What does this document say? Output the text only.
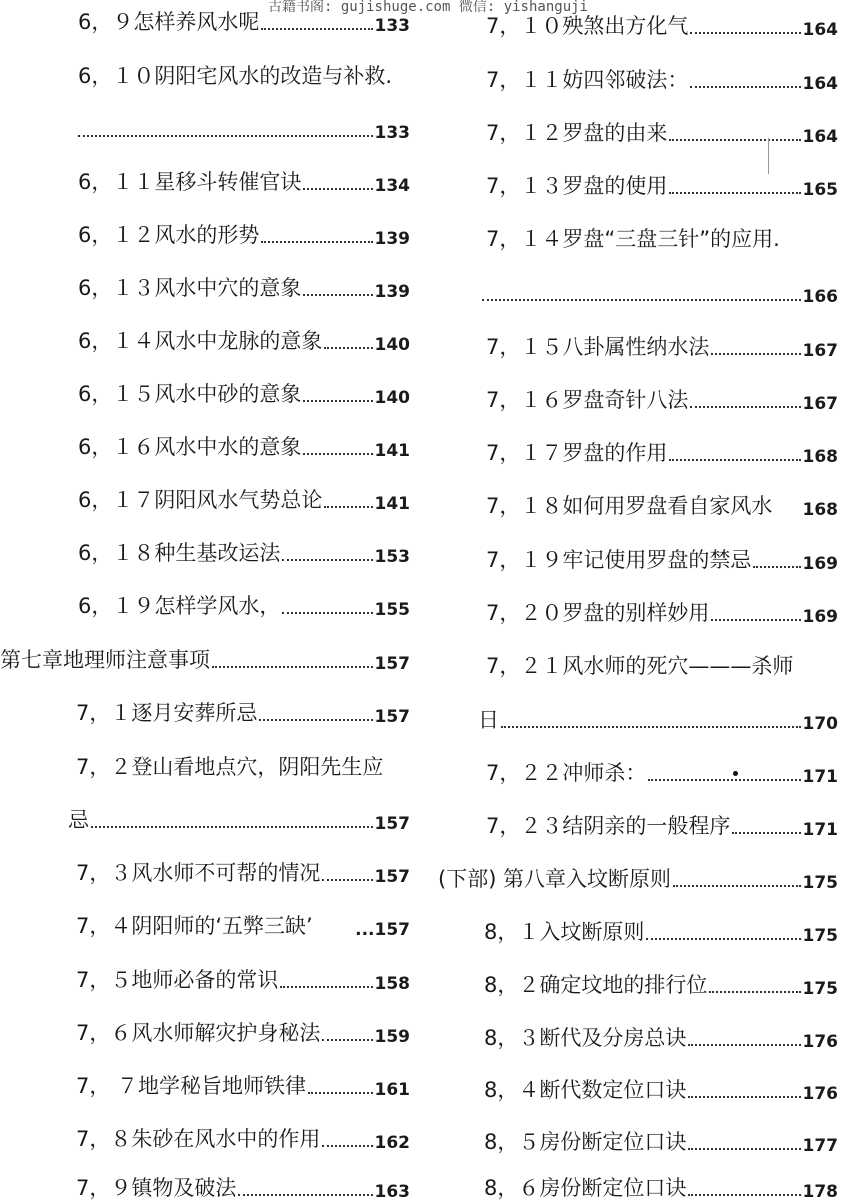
古籍书阁: gujishuge.com 微信: yishanguji
6，９怎样养风水呢	133
6，１０阴阳宅风水的改造与补救.
133
6，１１星移斗转催官诀	134
6，１２风水的形势	139
6，１３风水中穴的意象	139
6，１４风水中龙脉的意象	140
6，１５风水中砂的意象	140
6，１６风水中水的意象	141
6，１７阴阳风水气势总论	141
6，１８种生基改运法	153
6，１９怎样学风水，	155
第七章地理师注意事项	157
7，１逐月安葬所忌	157
7，２登山看地点穴，阴阳先生应
忌	157
7，３风水师不可帮的情况	157
7，４阴阳师的‘五弊三缺’ ...157
7，５地师必备的常识	158
7，６风水师解灾护身秘法	159
7， ７地学秘旨地师铁律	161
7，８朱砂在风水中的作用	162
7，９镇物及破法	163
7，１０殃煞出方化气	164
7，１１妨四邻破法：	164
7，１２罗盘的由来	164
7，１３罗盘的使用	165
7，１４罗盘“三盘三针”的应用.
166
7，１５八卦属性纳水法	167
7，１６罗盘奇针八法	167
7，１７罗盘的作用	168
7，１８如何用罗盘看自家风水 168
7，１９牢记使用罗盘的禁忌	169
7，２０罗盘的别样妙用	169
7，２１风水师的死穴———杀师
日	170
7，２２冲师杀：	171
7，２３结阴亲的一般程序	171
(下部) 第八章入坟断原则	175
8，１入坟断原则	175
8，２确定坟地的排行位	175
8，３断代及分房总诀	176
8，４断代数定位口诀	176
8，５房份断定位口诀	177
8，６房份断定位口诀	178
